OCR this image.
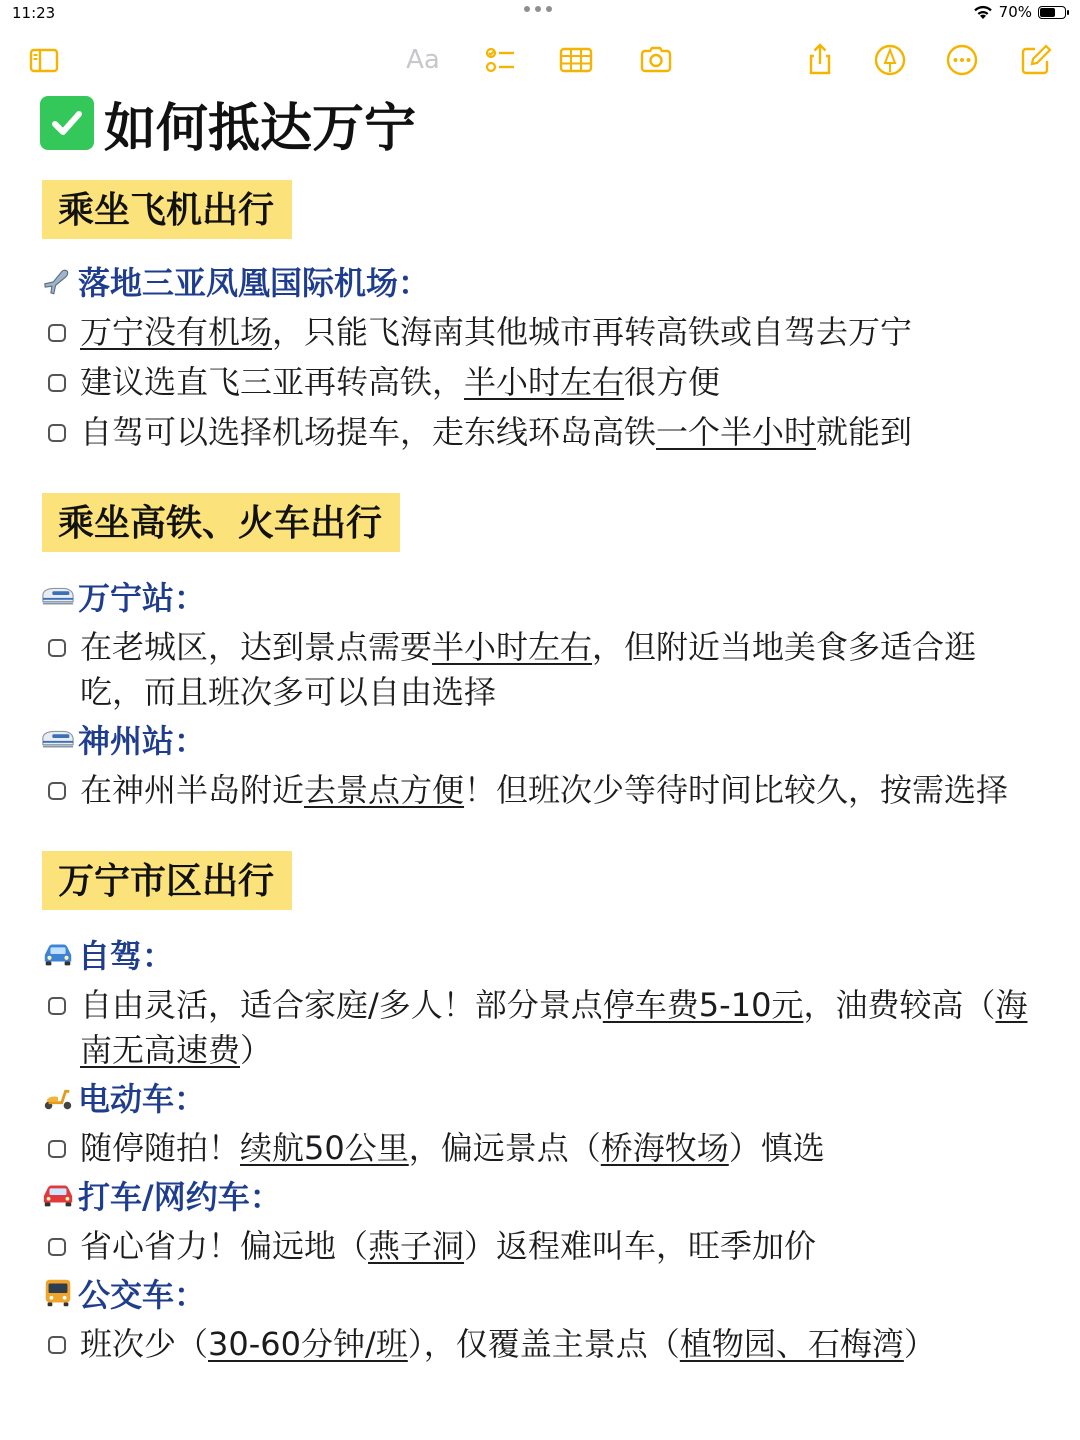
11:23	70%
Aa
如何抵达万宁
乘坐飞机出行
落地三亚凤凰国际机场：
万宁没有机场，只能飞海南其他城市再转高铁或自驾去万宁
建议选直飞三亚再转高铁，半小时左右很方便
自驾可以选择机场提车，走东线环岛高铁一个半小时就能到
乘坐高铁、火车出行
万宁站：
在老城区，达到景点需要半小时左右，但附近当地美食多适合逛吃，而且班次多可以自由选择
神州站：
在神州半岛附近去景点方便！但班次少等待时间比较久，按需选择
万宁市区出行
自驾：
自由灵活，适合家庭/多人！部分景点停车费5-10元，油费较高（海南无高速费）
电动车：
随停随拍！续航50公里，偏远景点（桥海牧场）慎选
打车/网约车：
省心省力！偏远地（燕子洞）返程难叫车，旺季加价
公交车：
班次少（30-60分钟/班），仅覆盖主景点（植物园、石梅湾）
